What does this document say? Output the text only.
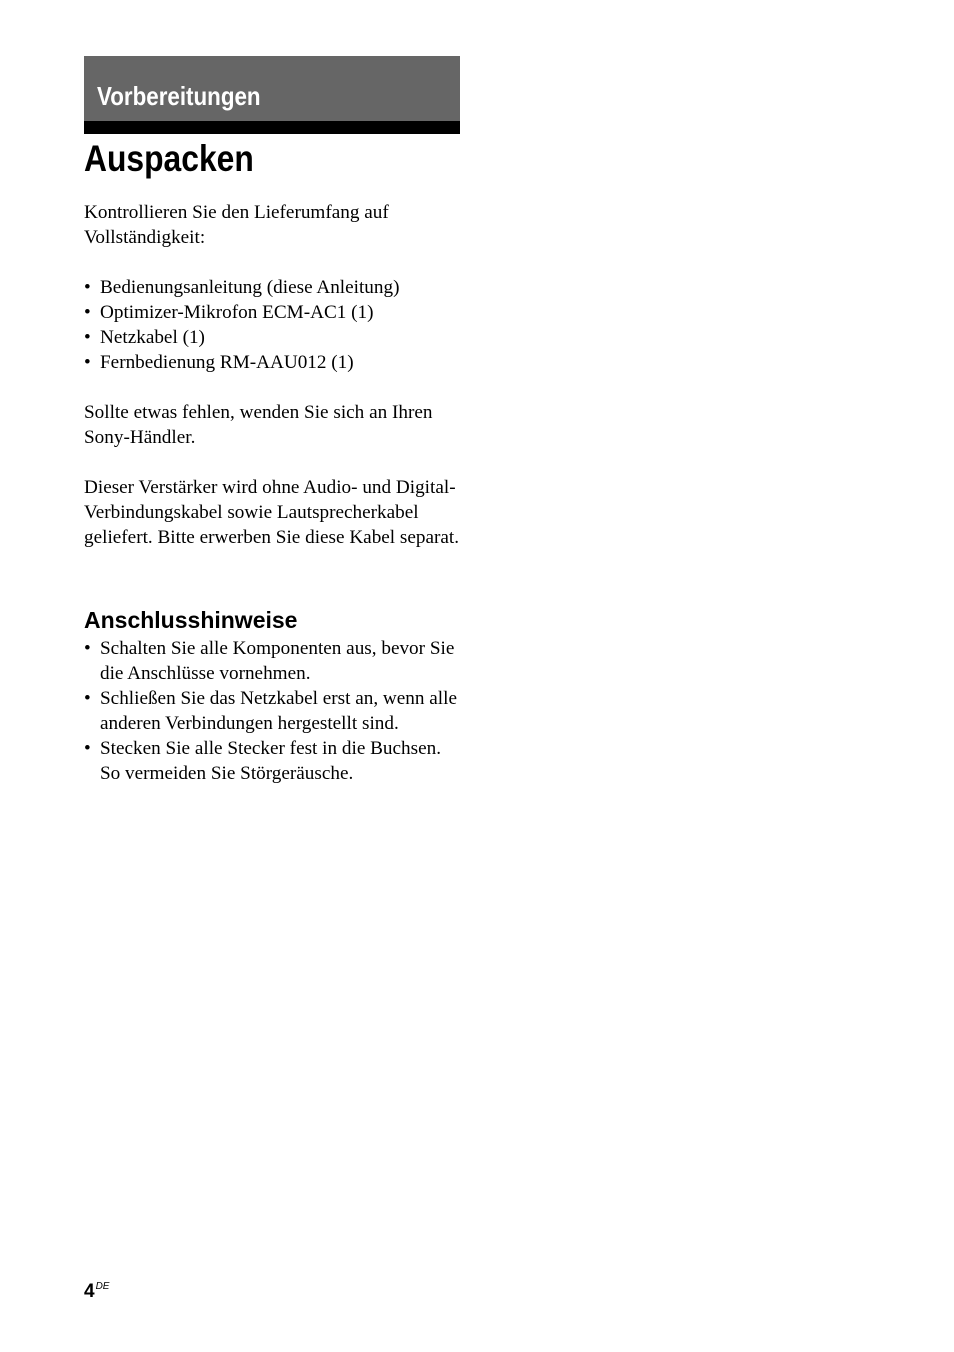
Vorbereitungen
Auspacken

Kontrollieren Sie den Lieferumfang auf Vollständigkeit:

• Bedienungsanleitung (diese Anleitung)
• Optimizer-Mikrofon ECM-AC1 (1)
• Netzkabel (1)
• Fernbedienung RM-AAU012 (1)

Sollte etwas fehlen, wenden Sie sich an Ihren Sony-Händler.

Dieser Verstärker wird ohne Audio- und Digital-Verbindungskabel sowie Lautsprecherkabel geliefert. Bitte erwerben Sie diese Kabel separat.

Anschlusshinweise
• Schalten Sie alle Komponenten aus, bevor Sie die Anschlüsse vornehmen.
• Schließen Sie das Netzkabel erst an, wenn alle anderen Verbindungen hergestellt sind.
• Stecken Sie alle Stecker fest in die Buchsen. So vermeiden Sie Störgeräusche.
4DE
